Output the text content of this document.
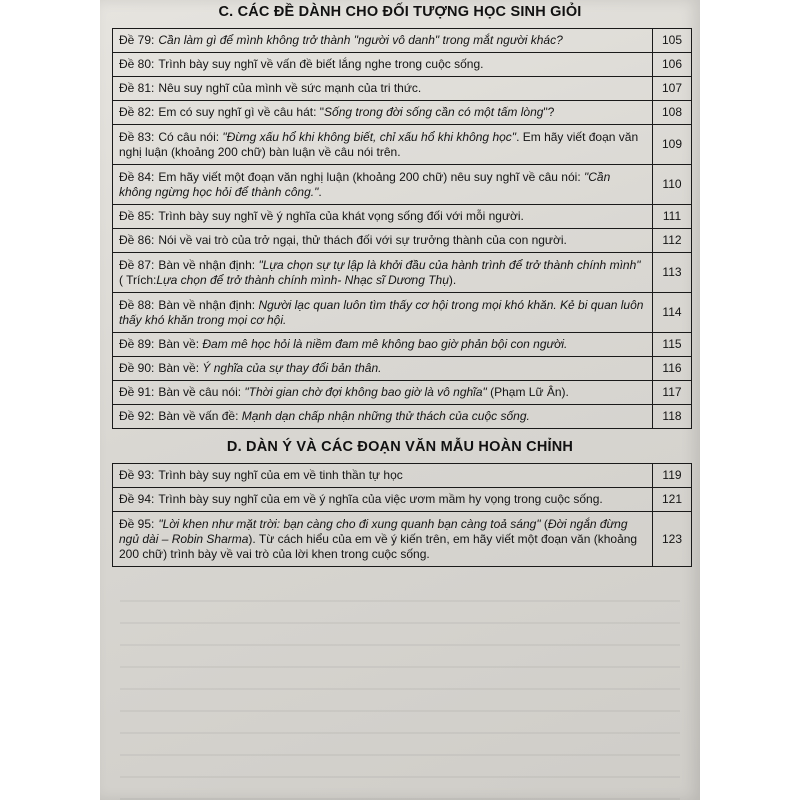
C. CÁC ĐỀ DÀNH CHO ĐỐI TƯỢNG HỌC SINH GIỎI
Đề 79: Cần làm gì để mình không trở thành "người vô danh" trong mắt người khác?	105
Đề 80: Trình bày suy nghĩ về vấn đề biết lắng nghe trong cuộc sống.	106
Đề 81: Nêu suy nghĩ của mình về sức mạnh của tri thức.	107
Đề 82: Em có suy nghĩ gì về câu hát: "Sống trong đời sống cần có một tấm lòng"?	108
Đề 83: Có câu nói: "Đừng xấu hổ khi không biết, chỉ xấu hổ khi không học". Em hãy viết đoạn văn nghị luận (khoảng 200 chữ) bàn luận về câu nói trên.	109
Đề 84: Em hãy viết một đoạn văn nghị luận (khoảng 200 chữ) nêu suy nghĩ về câu nói: "Cần không ngừng học hỏi để thành công.".	110
Đề 85: Trình bày suy nghĩ về ý nghĩa của khát vọng sống đối với mỗi người.	111
Đề 86: Nói về vai trò của trở ngại, thử thách đối với sự trưởng thành của con người.	112
Đề 87: Bàn về nhận định: "Lựa chọn sự tự lập là khởi đầu của hành trình để trở thành chính mình" ( Trích:Lựa chọn để trở thành chính mình- Nhạc sĩ Dương Thụ).	113
Đề 88: Bàn về nhận định: Người lạc quan luôn tìm thấy cơ hội trong mọi khó khăn. Kẻ bi quan luôn thấy khó khăn trong mọi cơ hội.	114
Đề 89: Bàn về: Đam mê học hỏi là niềm đam mê không bao giờ phản bội con người.	115
Đề 90: Bàn về: Ý nghĩa của sự thay đổi bản thân.	116
Đề 91: Bàn về câu nói: "Thời gian chờ đợi không bao giờ là vô nghĩa" (Phạm Lữ Ân).	117
Đề 92: Bàn về vấn đề: Mạnh dạn chấp nhận những thử thách của cuộc sống.	118
D. DÀN Ý VÀ CÁC ĐOẠN VĂN MẪU HOÀN CHỈNH
Đề 93: Trình bày suy nghĩ của em về tinh thần tự học	119
Đề 94: Trình bày suy nghĩ của em về ý nghĩa của việc ươm mầm hy vọng trong cuộc sống.	121
Đề 95: "Lời khen như mặt trời: bạn càng cho đi xung quanh bạn càng toả sáng" (Đời ngắn đừng ngủ dài – Robin Sharma). Từ cách hiểu của em về ý kiến trên, em hãy viết một đoạn văn (khoảng 200 chữ) trình bày về vai trò của lời khen trong cuộc sống.	123
